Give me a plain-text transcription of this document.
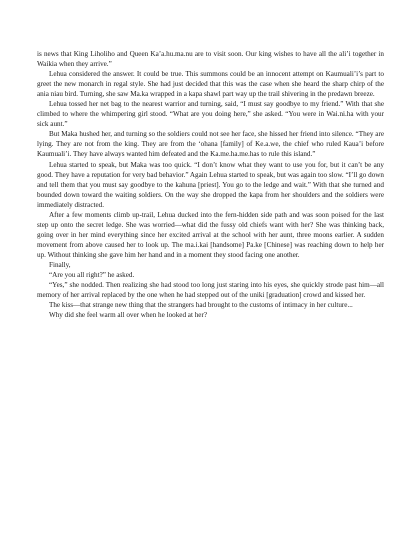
is news that King Liholiho and Queen Ka’a.hu.ma.nu are to visit soon. Our king wishes to have all the ali’i together in Waikia when they arrive.”

Lehua considered the answer. It could be true. This summons could be an innocent attempt on Kaumuali’i’s part to greet the new monarch in regal style. She had just decided that this was the case when she heard the sharp chirp of the ania niau bird. Turning, she saw Ma.ka wrapped in a kapa shawl part way up the trail shivering in the predawn breeze.

Lehua tossed her net bag to the nearest warrior and turning, said, “I must say goodbye to my friend.” With that she climbed to where the whimpering girl stood. “What are you doing here,” she asked. “You were in Wai.ni.ha with your sick aunt.”

But Maka hushed her, and turning so the soldiers could not see her face, she hissed her friend into silence. “They are lying. They are not from the king. They are from the ‘ohana [family] of Ke.a.we, the chief who ruled Kaua’i before Kaumuali’i. They have always wanted him defeated and the Ka.me.ha.me.has to rule this island.”

Lehua started to speak, but Maka was too quick. “I don’t know what they want to use you for, but it can’t be any good. They have a reputation for very bad behavior.” Again Lehua started to speak, but was again too slow. “I’ll go down and tell them that you must say goodbye to the kahuna [priest]. You go to the ledge and wait.” With that she turned and bounded down toward the waiting soldiers. On the way she dropped the kapa from her shoulders and the soldiers were immediately distracted.

After a few moments climb up-trail, Lehua ducked into the fern-hidden side path and was soon poised for the last step up onto the secret ledge. She was worried—what did the fussy old chiefs want with her? She was thinking back, going over in her mind everything since her excited arrival at the school with her aunt, three moons earlier. A sudden movement from above caused her to look up. The ma.i.kai [handsome] Pa.ke [Chinese] was reaching down to help her up. Without thinking she gave him her hand and in a moment they stood facing one another.

Finally,

“Are you all right?” he asked.

“Yes,” she nodded. Then realizing she had stood too long just staring into his eyes, she quickly strode past him—all memory of her arrival replaced by the one when he had stepped out of the uniki [graduation] crowd and kissed her.

The kiss—that strange new thing that the strangers had brought to the customs of intimacy in her culture...

Why did she feel warm all over when he looked at her?
